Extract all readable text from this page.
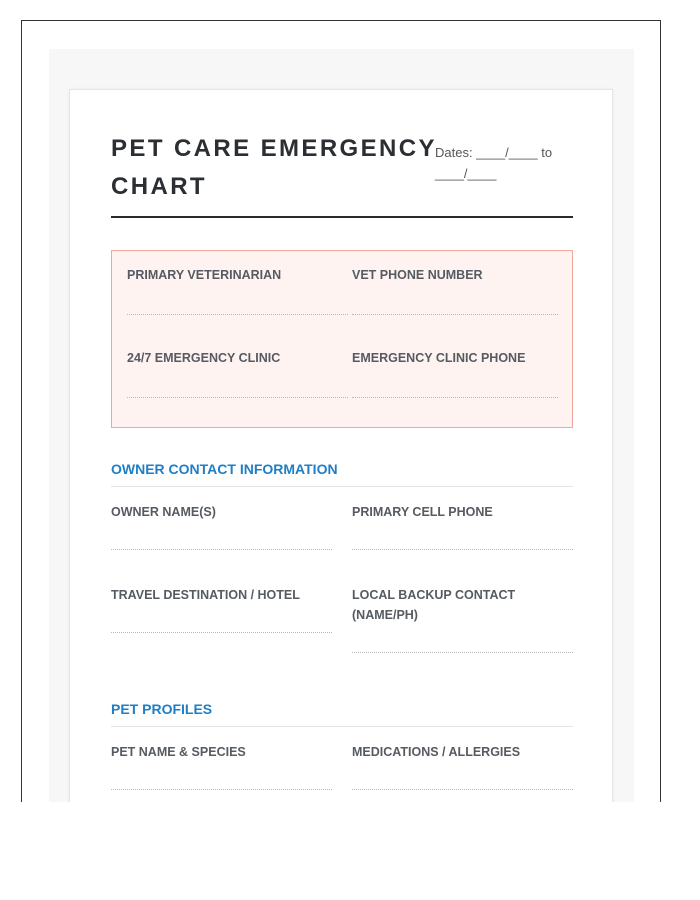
PET CARE EMERGENCY CHART
Dates: ____/____ to ____/____
PRIMARY VETERINARIAN	VET PHONE NUMBER
24/7 EMERGENCY CLINIC	EMERGENCY CLINIC PHONE
OWNER CONTACT INFORMATION
OWNER NAME(S)	PRIMARY CELL PHONE
TRAVEL DESTINATION / HOTEL	LOCAL BACKUP CONTACT (NAME/PH)
PET PROFILES
PET NAME & SPECIES	MEDICATIONS / ALLERGIES
